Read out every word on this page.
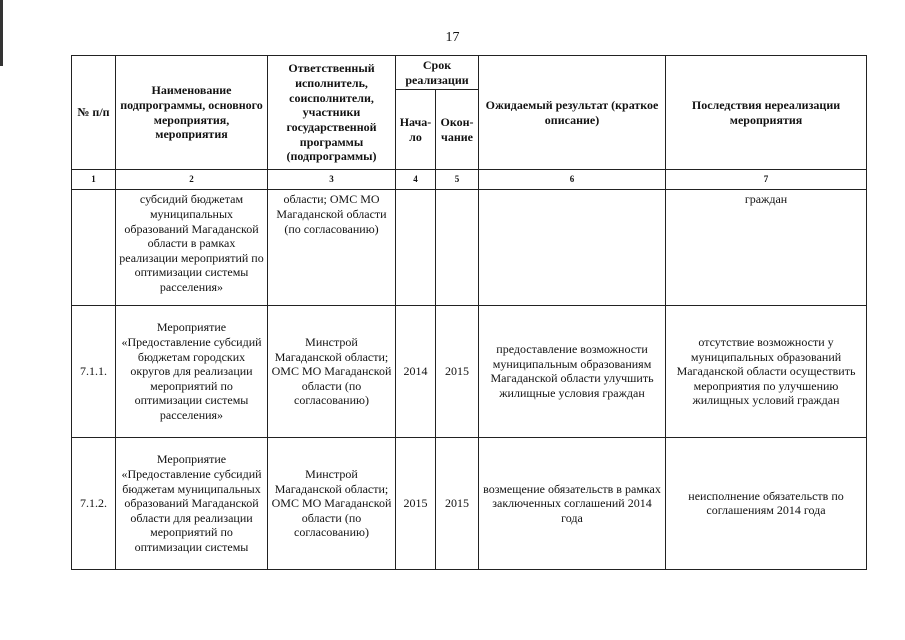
17
№ п/п	Наименование подпрограммы, основного мероприятия, мероприятия	Ответственный исполнитель, соисполнители, участники государственной программы (подпрограммы)	Срок реализации		Ожидаемый результат (краткое описание)	Последствия нереализации мероприятия
			Нача-ло	Окон-чание		
1	2	3	4	5	6	7
	субсидий бюджетам муниципальных образований Магаданской области в рамках реализации мероприятий по оптимизации системы расселения»	области; ОМС МО Магаданской области (по согласованию)				граждан
7.1.1.	Мероприятие «Предоставление субсидий бюджетам городских округов для реализации мероприятий по оптимизации системы расселения»	Минстрой Магаданской области; ОМС МО Магаданской области (по согласованию)	2014	2015	предоставление возможности муниципальным образованиям Магаданской области улучшить жилищные условия граждан	отсутствие возможности у муниципальных образований Магаданской области осуществить мероприятия по улучшению жилищных условий граждан
7.1.2.	Мероприятие «Предоставление субсидий бюджетам муниципальных образований Магаданской области для реализации мероприятий по оптимизации системы	Минстрой Магаданской области; ОМС МО Магаданской области (по согласованию)	2015	2015	возмещение обязательств в рамках заключенных соглашений 2014 года	неисполнение обязательств по соглашениям 2014 года
